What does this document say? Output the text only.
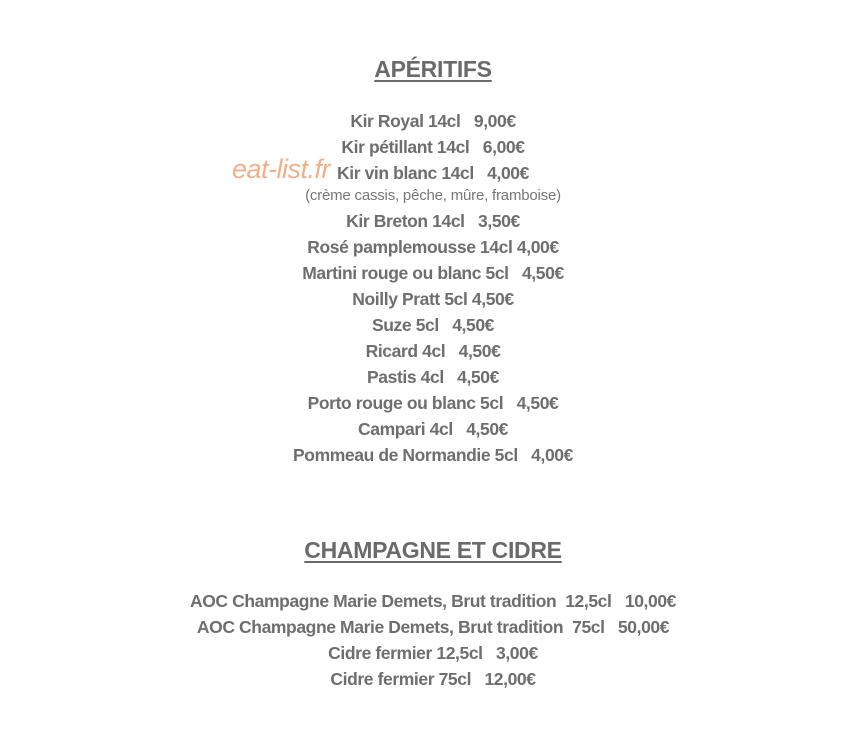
APÉRITIFS
Kir Royal 14cl   9,00€
Kir pétillant 14cl   6,00€
Kir vin blanc 14cl   4,00€
(crème cassis, pêche, mûre, framboise)
Kir Breton 14cl   3,50€
Rosé pamplemousse 14cl 4,00€
Martini rouge ou blanc 5cl   4,50€
Noilly Pratt 5cl 4,50€
Suze 5cl   4,50€
Ricard 4cl   4,50€
Pastis 4cl   4,50€
Porto rouge ou blanc 5cl   4,50€
Campari 4cl   4,50€
Pommeau de Normandie 5cl   4,00€
CHAMPAGNE ET CIDRE
AOC Champagne Marie Demets, Brut tradition  12,5cl   10,00€
AOC Champagne Marie Demets, Brut tradition  75cl   50,00€
Cidre fermier 12,5cl   3,00€
Cidre fermier 75cl   12,00€
eat-list.fr
